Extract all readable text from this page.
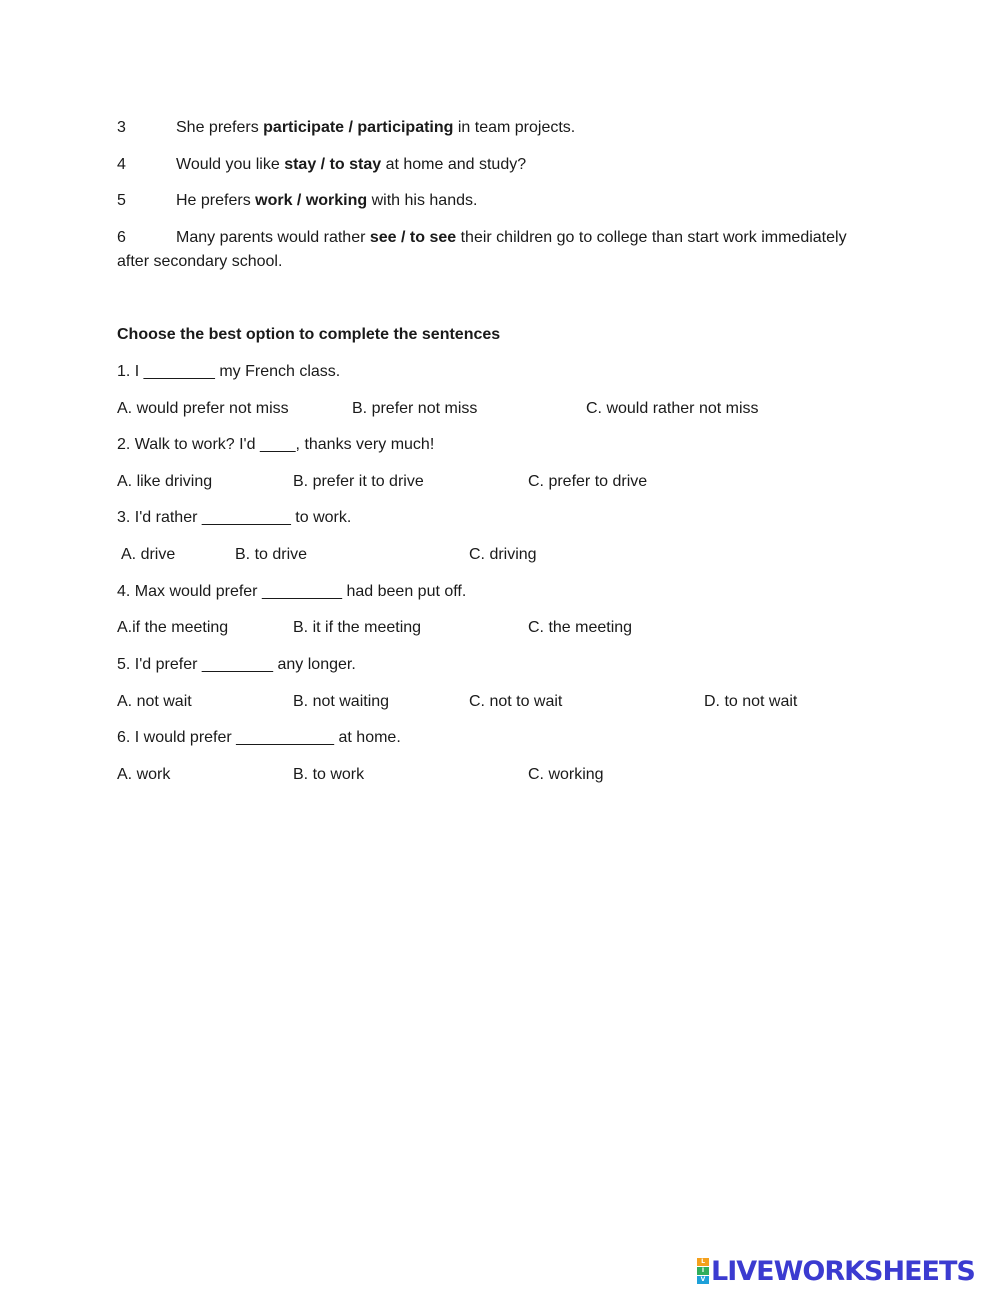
3	She prefers participate / participating in team projects.
4	Would you like stay / to stay at home and study?
5	He prefers work / working with his hands.
6	Many parents would rather see / to see their children go to college than start work immediately
after secondary school.
Choose the best option to complete the sentences
1. I ________ my French class.
A. would prefer not miss	B. prefer not miss	C. would rather not miss
2. Walk to work? I'd ____, thanks very much!
A. like driving	B. prefer it to drive	C. prefer to drive
3. I'd rather __________ to work.
A. drive	B. to drive	C. driving
4. Max would prefer _________ had been put off.
A.if the meeting	B. it if the meeting	C. the meeting
5. I'd prefer ________ any longer.
A. not wait	B. not waiting	C. not to wait	D. to not wait
6. I would prefer ___________ at home.
A. work	B. to work	C. working
L
I
V LIVEWORKSHEETS
